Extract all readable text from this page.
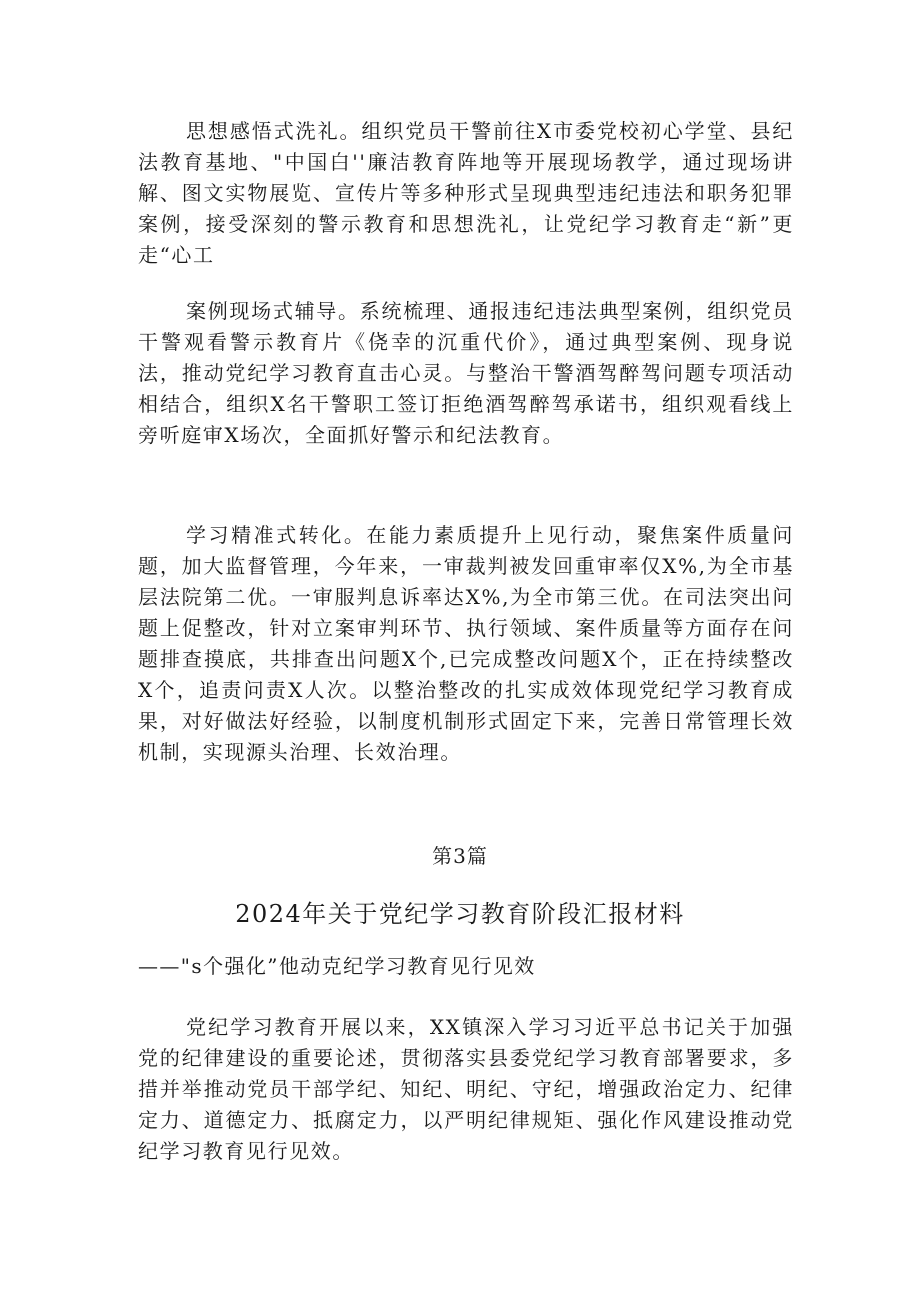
思想感悟式洗礼。组织党员干警前往X市委党校初心学堂、县纪法教育基地、"中国白''廉洁教育阵地等开展现场教学，通过现场讲解、图文实物展览、宣传片等多种形式呈现典型违纪违法和职务犯罪案例，接受深刻的警示教育和思想洗礼，让党纪学习教育走“新”更走“心工

案例现场式辅导。系统梳理、通报违纪违法典型案例，组织党员干警观看警示教育片《侥幸的沉重代价》，通过典型案例、现身说法，推动党纪学习教育直击心灵。与整治干警酒驾醉驾问题专项活动相结合，组织X名干警职工签订拒绝酒驾醉驾承诺书，组织观看线上旁听庭审X场次，全面抓好警示和纪法教育。

学习精准式转化。在能力素质提升上见行动，聚焦案件质量问题，加大监督管理，今年来，一审裁判被发回重审率仅X%,为全市基层法院第二优。一审服判息诉率达X%,为全市第三优。在司法突出问题上促整改，针对立案审判环节、执行领域、案件质量等方面存在问题排查摸底，共排查出问题X个,已完成整改问题X个，正在持续整改X个，追责问责X人次。以整治整改的扎实成效体现党纪学习教育成果，对好做法好经验，以制度机制形式固定下来，完善日常管理长效机制，实现源头治理、长效治理。

第3篇
2024年关于党纪学习教育阶段汇报材料
——"s个强化”他动克纪学习教育见行见效

党纪学习教育开展以来，XX镇深入学习习近平总书记关于加强党的纪律建设的重要论述，贯彻落实县委党纪学习教育部署要求，多措并举推动党员干部学纪、知纪、明纪、守纪，增强政治定力、纪律定力、道德定力、抵腐定力，以严明纪律规矩、强化作风建设推动党纪学习教育见行见效。
